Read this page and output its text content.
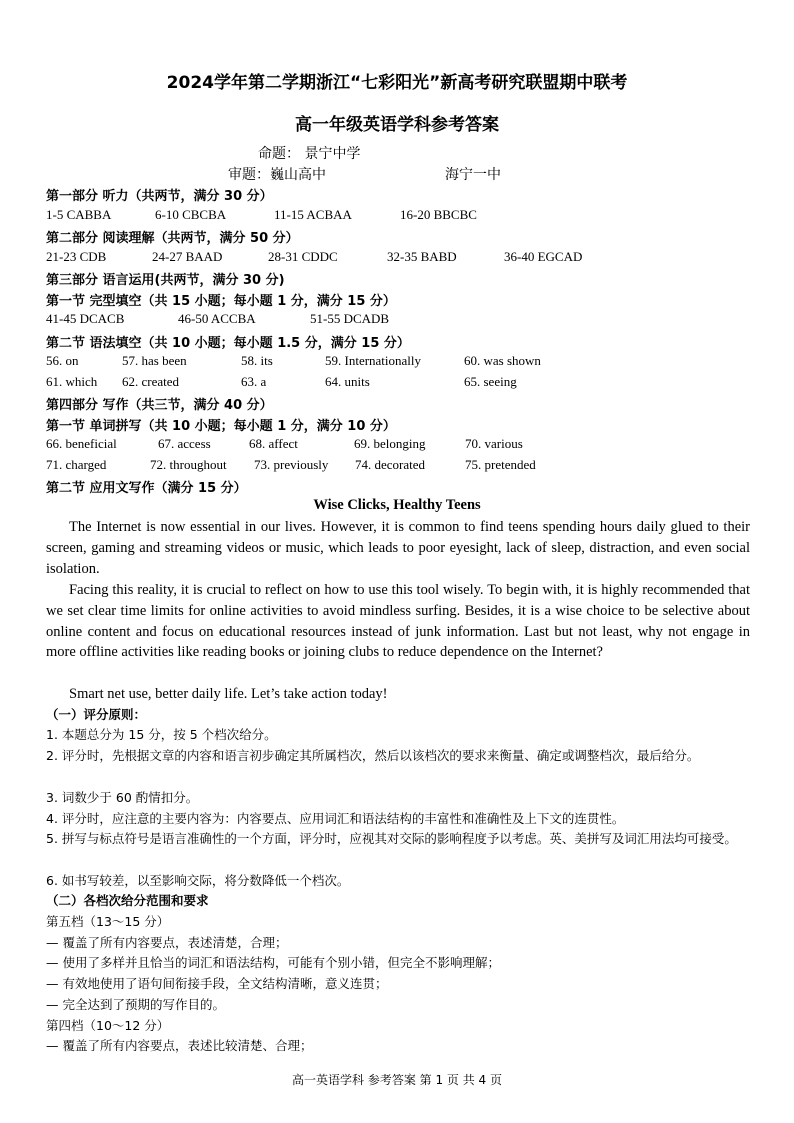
2024学年第二学期浙江“七彩阳光”新高考研究联盟期中联考
高一年级英语学科参考答案
命题： 景宁中学
审题：巍山高中	海宁一中
第一部分 听力（共两节，满分 30 分）
1-5 CABBA	6-10 CBCBA	11-15 ACBAA	16-20 BBCBC
第二部分 阅读理解（共两节，满分 50 分）
21-23 CDB	24-27 BAAD	28-31 CDDC	32-35 BABD	36-40 EGCAD
第三部分 语言运用(共两节，满分 30 分)
第一节 完型填空（共 15 小题；每小题 1 分，满分 15 分）
41-45 DCACB	46-50 ACCBA	51-55 DCADB
第二节 语法填空（共 10 小题；每小题 1.5 分，满分 15 分）
56. on	57. has been	58. its	59. Internationally	60. was shown
61. which 62. created	63. a	64. units	65. seeing
第四部分 写作（共三节，满分 40 分）
第一节 单词拼写（共 10 小题；每小题 1 分，满分 10 分）
66. beneficial	67. access	68. affect	69. belonging	70. various
71. charged	72. throughout 73. previously 74. decorated	75. pretended
第二节 应用文写作（满分 15 分）
Wise Clicks, Healthy Teens

The Internet is now essential in our lives. However, it is common to find teens spending hours daily glued to their screen, gaming and streaming videos or music, which leads to poor eyesight, lack of sleep, distraction, and even social isolation.

Facing this reality, it is crucial to reflect on how to use this tool wisely. To begin with, it is highly recommended that we set clear time limits for online activities to avoid mindless surfing. Besides, it is a wise choice to be selective about online content and focus on educational resources instead of junk information. Last but not least, why not engage in more offline activities like reading books or joining clubs to reduce dependence on the Internet?

Smart net use, better daily life. Let’s take action today!

（一）评分原则：

1. 本题总分为 15 分，按 5 个档次给分。

2. 评分时，先根据文章的内容和语言初步确定其所属档次，然后以该档次的要求来衡量、确定或调整档次，最后给分。

3. 词数少于 60 酌情扣分。

4. 评分时，应注意的主要内容为：内容要点、应用词汇和语法结构的丰富性和准确性及上下文的连贯性。

5. 拼写与标点符号是语言准确性的一个方面，评分时，应视其对交际的影响程度予以考虑。英、美拼写及词汇用法均可接受。

6. 如书写较差，以至影响交际，将分数降低一个档次。

（二）各档次给分范围和要求

第五档（13～15 分）

— 覆盖了所有内容要点，表述清楚，合理；

— 使用了多样并且恰当的词汇和语法结构，可能有个别小错，但完全不影响理解；

— 有效地使用了语句间衔接手段，全文结构清晰，意义连贯；

— 完全达到了预期的写作目的。

第四档（10～12 分）

— 覆盖了所有内容要点，表述比较清楚、合理；

高一英语学科 参考答案 第 1 页 共 4 页
